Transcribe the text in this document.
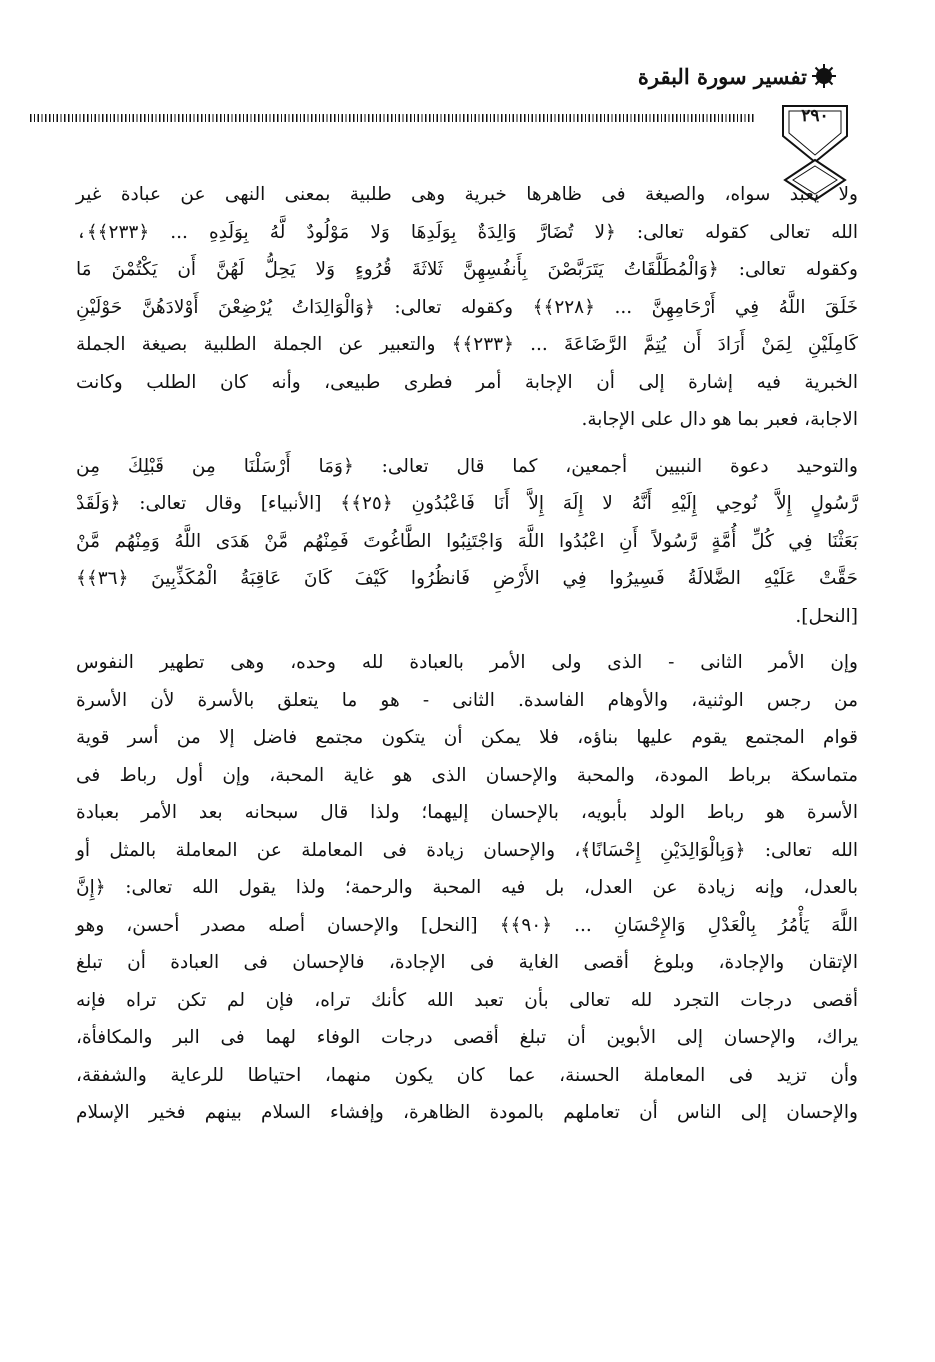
تفسير سورة البقرة
٢٩٠
ولا يعبد سواه، والصيغة فى ظاهرها خبرية وهى طلبية بمعنى النهى عن عبادة غير
الله تعالى كقوله تعالى: ﴿لا تُضَارَّ وَالِدَةٌ بِوَلَدِهَا وَلا مَوْلُودٌ لَّهُ بِوَلَدِهِ ... ﴿٢٣٣﴾﴾،
وكقوله تعالى: ﴿وَالْمُطَلَّقَاتُ يَتَرَبَّصْنَ بِأَنفُسِهِنَّ ثَلاثَةَ قُرُوءٍ وَلا يَحِلُّ لَهُنَّ أَن يَكْتُمْنَ مَا
خَلَقَ اللَّهُ فِي أَرْحَامِهِنَّ ... ﴿٢٢٨﴾﴾ وكقوله تعالى: ﴿وَالْوَالِدَاتُ يُرْضِعْنَ أَوْلادَهُنَّ حَوْلَيْنِ
كَامِلَيْنِ لِمَنْ أَرَادَ أَن يُتِمَّ الرَّضَاعَةَ ... ﴿٢٣٣﴾﴾ والتعبير عن الجملة الطلبية بصيغة الجملة
الخبرية فيه إشارة إلى أن الإجابة أمر فطرى طبيعى، وأنه كان الطلب وكانت
الاجابة، فعبر بما هو دال على الإجابة.
والتوحيد دعوة النبيين أجمعين، كما قال تعالى: ﴿وَمَا أَرْسَلْنَا مِن قَبْلِكَ مِن
رَّسُولٍ إِلاَّ نُوحِي إِلَيْهِ أَنَّهُ لا إِلَهَ إِلاَّ أَنَا فَاعْبُدُونِ ﴿٢٥﴾﴾ [الأنبياء] وقال تعالى: ﴿وَلَقَدْ
بَعَثْنَا فِي كُلِّ أُمَّةٍ رَّسُولاً أَنِ اعْبُدُوا اللَّهَ وَاجْتَنِبُوا الطَّاغُوتَ فَمِنْهُم مَّنْ هَدَى اللَّهُ وَمِنْهُم مَّنْ
حَقَّتْ عَلَيْهِ الضَّلالَةُ فَسِيرُوا فِي الأَرْضِ فَانظُرُوا كَيْفَ كَانَ عَاقِبَةُ الْمُكَذِّبِينَ ﴿٣٦﴾﴾
[النحل].
وإن الأمر الثانى - الذى ولى الأمر بالعبادة لله وحده، وهى تطهير النفوس
من رجس الوثنية، والأوهام الفاسدة. الثانى - هو ما يتعلق بالأسرة لأن الأسرة
قوام المجتمع يقوم عليها بناؤه، فلا يمكن أن يتكون مجتمع فاضل إلا من أسر قوية
متماسكة برباط المودة، والمحبة والإحسان الذى هو غاية المحبة، وإن أول رباط فى
الأسرة هو رباط الولد بأبويه، بالإحسان إليهما؛ ولذا قال سبحانه بعد الأمر بعبادة
الله تعالى: ﴿وَبِالْوَالِدَيْنِ إِحْسَانًا﴾، والإحسان زيادة فى المعاملة عن المعاملة بالمثل أو
بالعدل، وإنه زيادة عن العدل، بل فيه المحبة والرحمة؛ ولذا يقول الله تعالى: ﴿إِنَّ
اللَّهَ يَأْمُرُ بِالْعَدْلِ وَالإِحْسَانِ ... ﴿٩٠﴾﴾ [النحل] والإحسان أصله مصدر أحسن، وهو
الإتقان والإجادة، وبلوغ أقصى الغاية فى الإجادة، فالإحسان فى العبادة أن تبلغ
أقصى درجات التجرد لله تعالى بأن تعبد الله كأنك تراه، فإن لم تكن تراه فإنه
يراك، والإحسان إلى الأبوين أن تبلغ أقصى درجات الوفاء لهما فى البر والمكافأة،
وأن تزيد فى المعاملة الحسنة، عما كان يكون منهما، احتياطا للرعاية والشفقة،
والإحسان إلى الناس أن تعاملهم بالمودة الظاهرة، وإفشاء السلام بينهم فخير الإسلام
